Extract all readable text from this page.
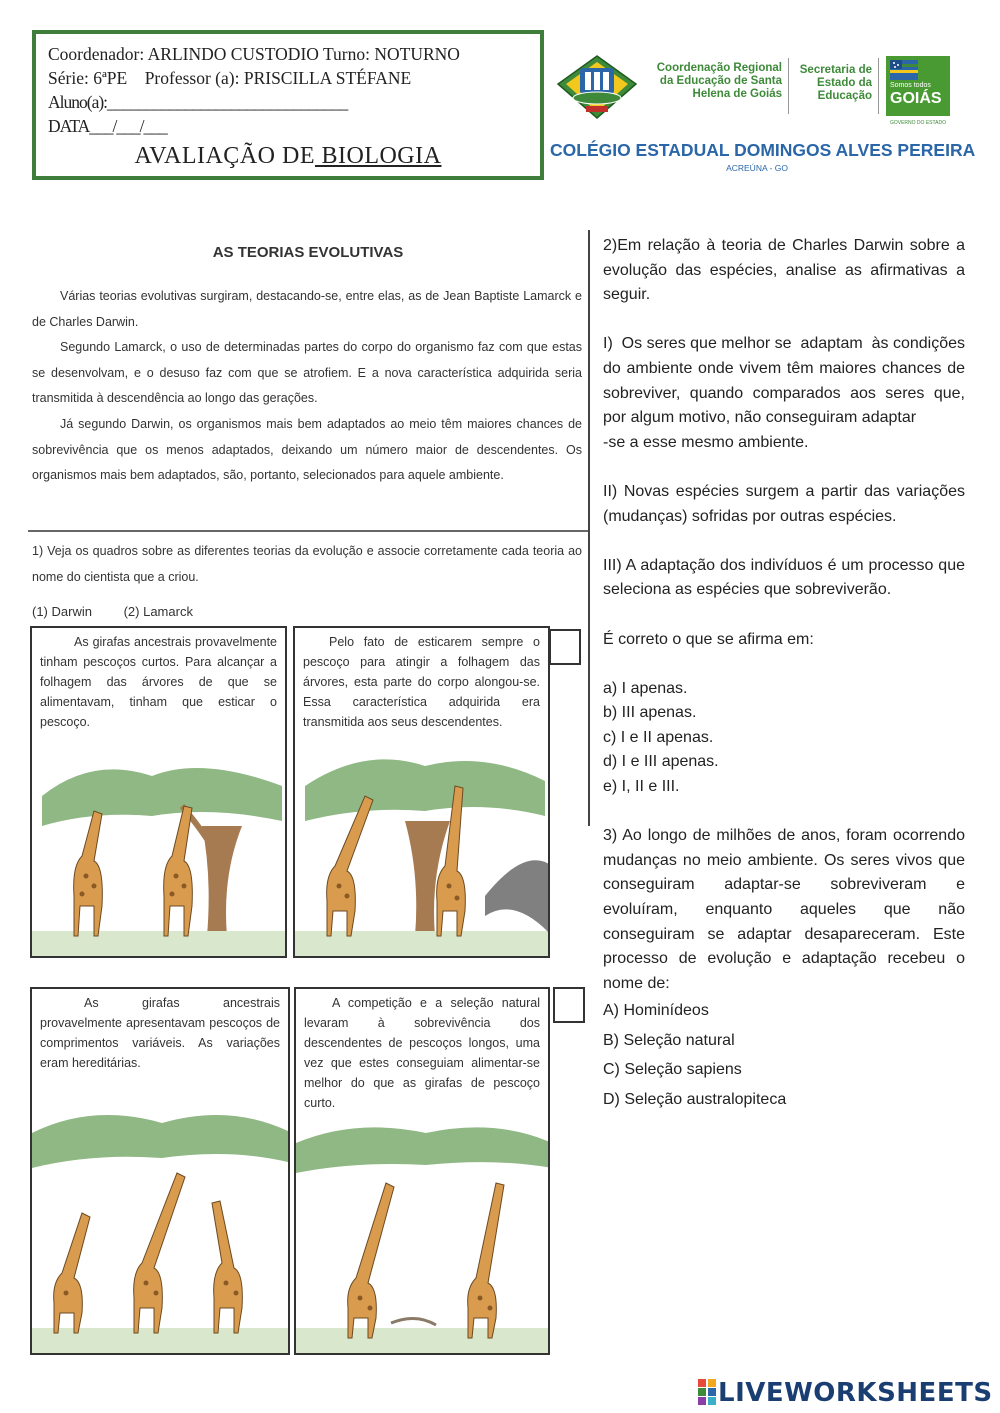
Coordenador: ARLINDO CUSTODIO Turno: NOTURNO
Série: 6ªPE    Professor (a): PRISCILLA STÉFANE
Aluno(a):_______________________________
DATA___/___/___
AVALIAÇÃO DE BIOLOGIA
Coordenação Regional da Educação de Santa Helena de Goiás
Secretaria de Estado da Educação
Somos todos
GOIÁS
GOVERNO DO ESTADO
COLÉGIO ESTADUAL DOMINGOS ALVES PEREIRA
ACREÚNA - GO
AS TEORIAS EVOLUTIVAS
Várias teorias evolutivas surgiram, destacando-se, entre elas, as de Jean Baptiste Lamarck e de Charles Darwin.
Segundo Lamarck, o uso de determinadas partes do corpo do organismo faz com que estas se desenvolvam, e o desuso faz com que se atrofiem. E a nova característica adquirida seria transmitida à descendência ao longo das gerações.
Já segundo Darwin, os organismos mais bem adaptados ao meio têm maiores chances de sobrevivência que os menos adaptados, deixando um número maior de descendentes. Os organismos mais bem adaptados, são, portanto, selecionados para aquele ambiente.
1) Veja os quadros sobre as diferentes teorias da evolução e associe corretamente cada teoria ao nome do cientista que a criou.
(1) Darwin (2) Lamarck
As girafas ancestrais provavelmente tinham pescoços curtos. Para alcançar a folhagem das árvores de que se alimentavam, tinham que esticar o pescoço.
Pelo fato de esticarem sempre o pescoço para atingir a folhagem das árvores, esta parte do corpo alongou-se. Essa característica adquirida era transmitida aos seus descendentes.
As girafas ancestrais provavelmente apresentavam pescoços de comprimentos variáveis. As variações eram hereditárias.
A competição e a seleção natural levaram à sobrevivência dos descendentes de pescoços longos, uma vez que estes conseguiam alimentar-se melhor do que as girafas de pescoço curto.
2)Em relação à teoria de Charles Darwin sobre a evolução das espécies, analise as afirmativas a seguir.
I)  Os seres que melhor se  adaptam  às condições do ambiente onde vivem têm maiores chances de sobreviver, quando comparados aos seres que, por algum motivo, não conseguiram adaptar
-se a esse mesmo ambiente.
II) Novas espécies surgem a partir das variações (mudanças) sofridas por outras espécies.
III) A adaptação dos indivíduos é um processo que seleciona as espécies que sobreviverão.
É correto o que se afirma em:
a) I apenas.
b) III apenas.
c) I e II apenas.
d) I e III apenas.
e) I, II e III.
3) Ao longo de milhões de anos, foram ocorrendo mudanças no meio ambiente. Os seres vivos que conseguiram adaptar-se sobreviveram e evoluíram, enquanto aqueles que não conseguiram se adaptar desapareceram. Este processo de evolução e adaptação recebeu o nome de:
A) Hominídeos
B) Seleção natural
C) Seleção sapiens
D) Seleção australopiteca
LIVEWORKSHEETS
